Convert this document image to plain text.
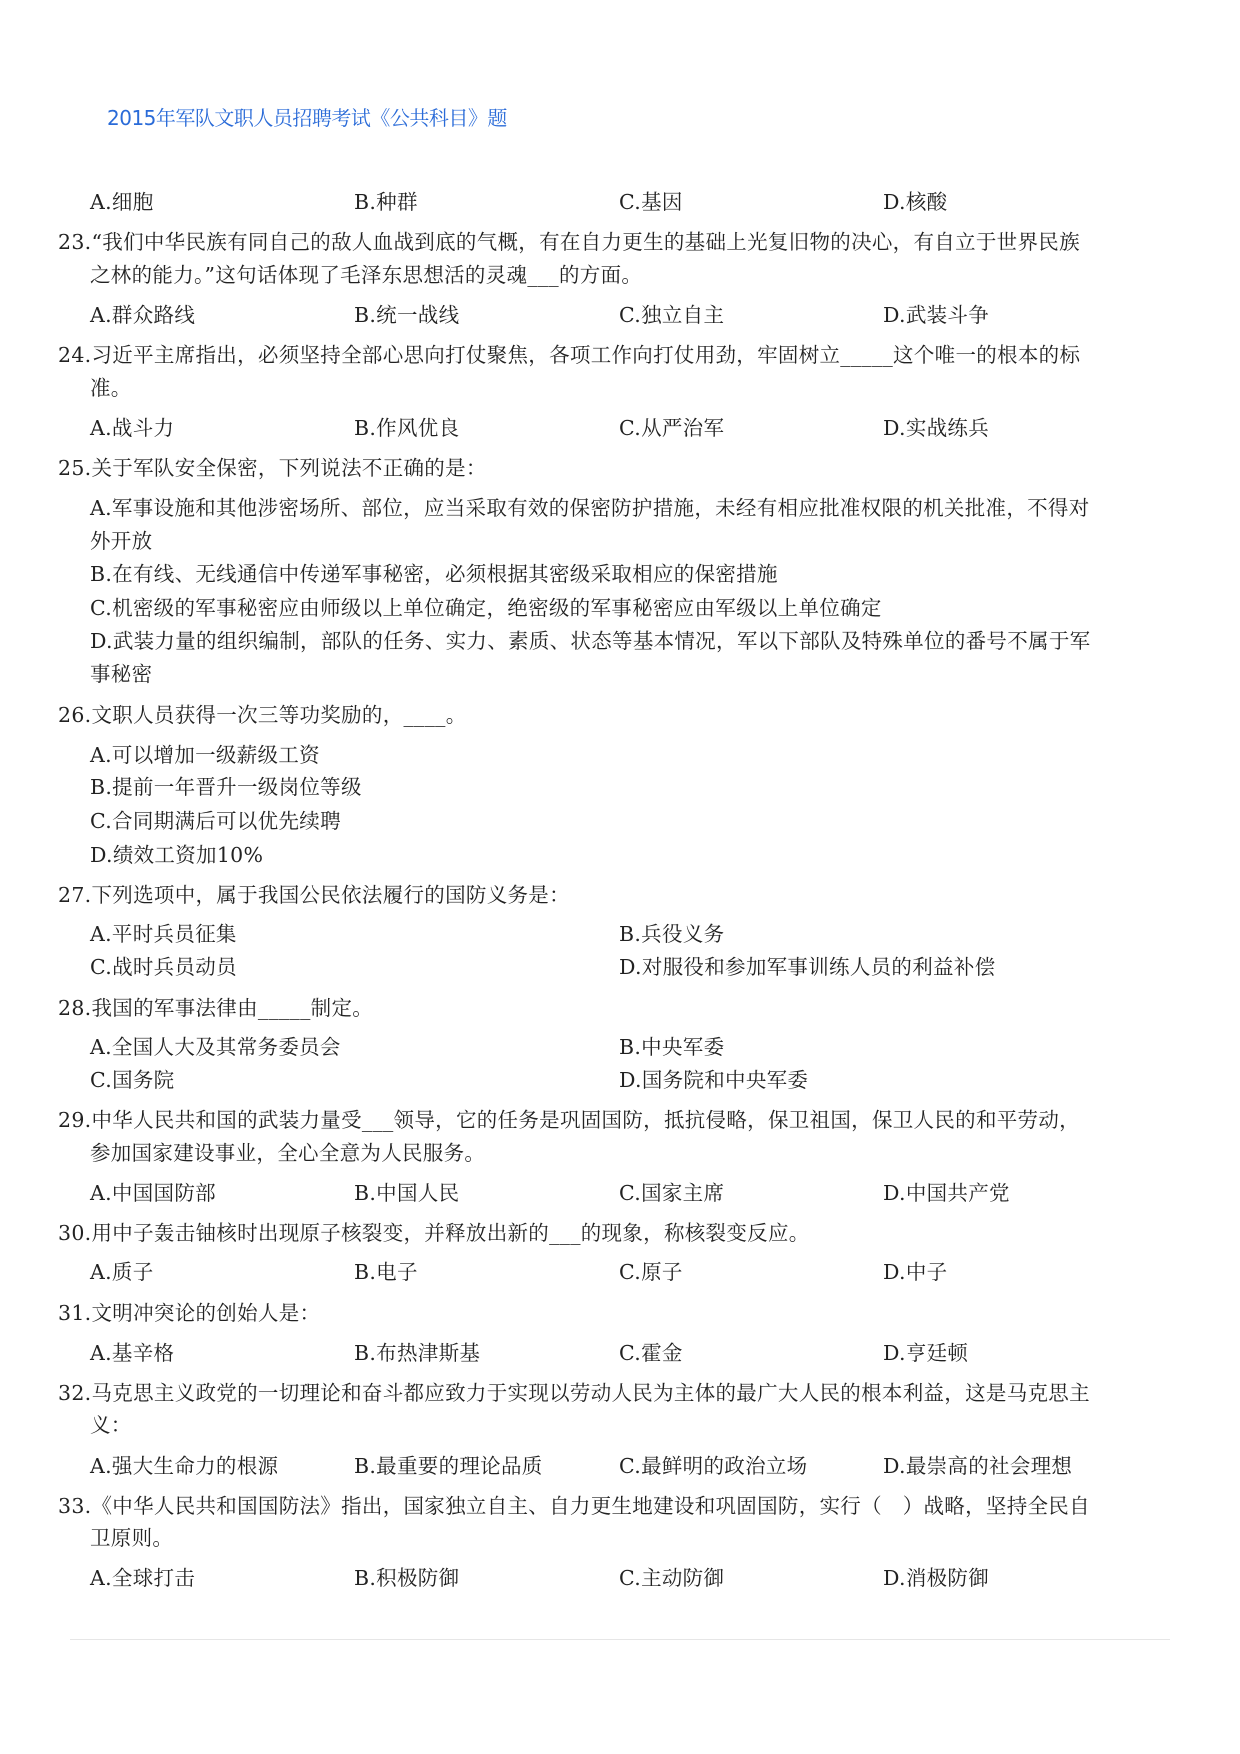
2015年军队文职人员招聘考试《公共科目》题
A.细胞	B.种群	C.基因	D.核酸
23.“我们中华民族有同自己的敌人血战到底的气概，有在自力更生的基础上光复旧物的决心，有自立于世界民族
之林的能力。”这句话体现了毛泽东思想活的灵魂___的方面。
A.群众路线	B.统一战线	C.独立自主	D.武装斗争
24.习近平主席指出，必须坚持全部心思向打仗聚焦，各项工作向打仗用劲，牢固树立_____这个唯一的根本的标
准。
A.战斗力	B.作风优良	C.从严治军	D.实战练兵
25.关于军队安全保密，下列说法不正确的是：
A.军事设施和其他涉密场所、部位，应当采取有效的保密防护措施，未经有相应批准权限的机关批准，不得对
外开放
B.在有线、无线通信中传递军事秘密，必须根据其密级采取相应的保密措施
C.机密级的军事秘密应由师级以上单位确定，绝密级的军事秘密应由军级以上单位确定
D.武装力量的组织编制，部队的任务、实力、素质、状态等基本情况，军以下部队及特殊单位的番号不属于军
事秘密
26.文职人员获得一次三等功奖励的，____。
A.可以增加一级薪级工资
B.提前一年晋升一级岗位等级
C.合同期满后可以优先续聘
D.绩效工资加10%
27.下列选项中，属于我国公民依法履行的国防义务是：
A.平时兵员征集	B.兵役义务
C.战时兵员动员	D.对服役和参加军事训练人员的利益补偿
28.我国的军事法律由_____制定。
A.全国人大及其常务委员会	B.中央军委
C.国务院	D.国务院和中央军委
29.中华人民共和国的武装力量受___领导，它的任务是巩固国防，抵抗侵略，保卫祖国，保卫人民的和平劳动，
参加国家建设事业，全心全意为人民服务。
A.中国国防部	B.中国人民	C.国家主席	D.中国共产党
30.用中子轰击铀核时出现原子核裂变，并释放出新的___的现象，称核裂变反应。
A.质子	B.电子	C.原子	D.中子
31.文明冲突论的创始人是：
A.基辛格	B.布热津斯基	C.霍金	D.亨廷顿
32.马克思主义政党的一切理论和奋斗都应致力于实现以劳动人民为主体的最广大人民的根本利益，这是马克思主
义：
A.强大生命力的根源	B.最重要的理论品质	C.最鲜明的政治立场	D.最崇高的社会理想
33.《中华人民共和国国防法》指出，国家独立自主、自力更生地建设和巩固国防，实行（　）战略，坚持全民自
卫原则。
A.全球打击	B.积极防御	C.主动防御	D.消极防御
